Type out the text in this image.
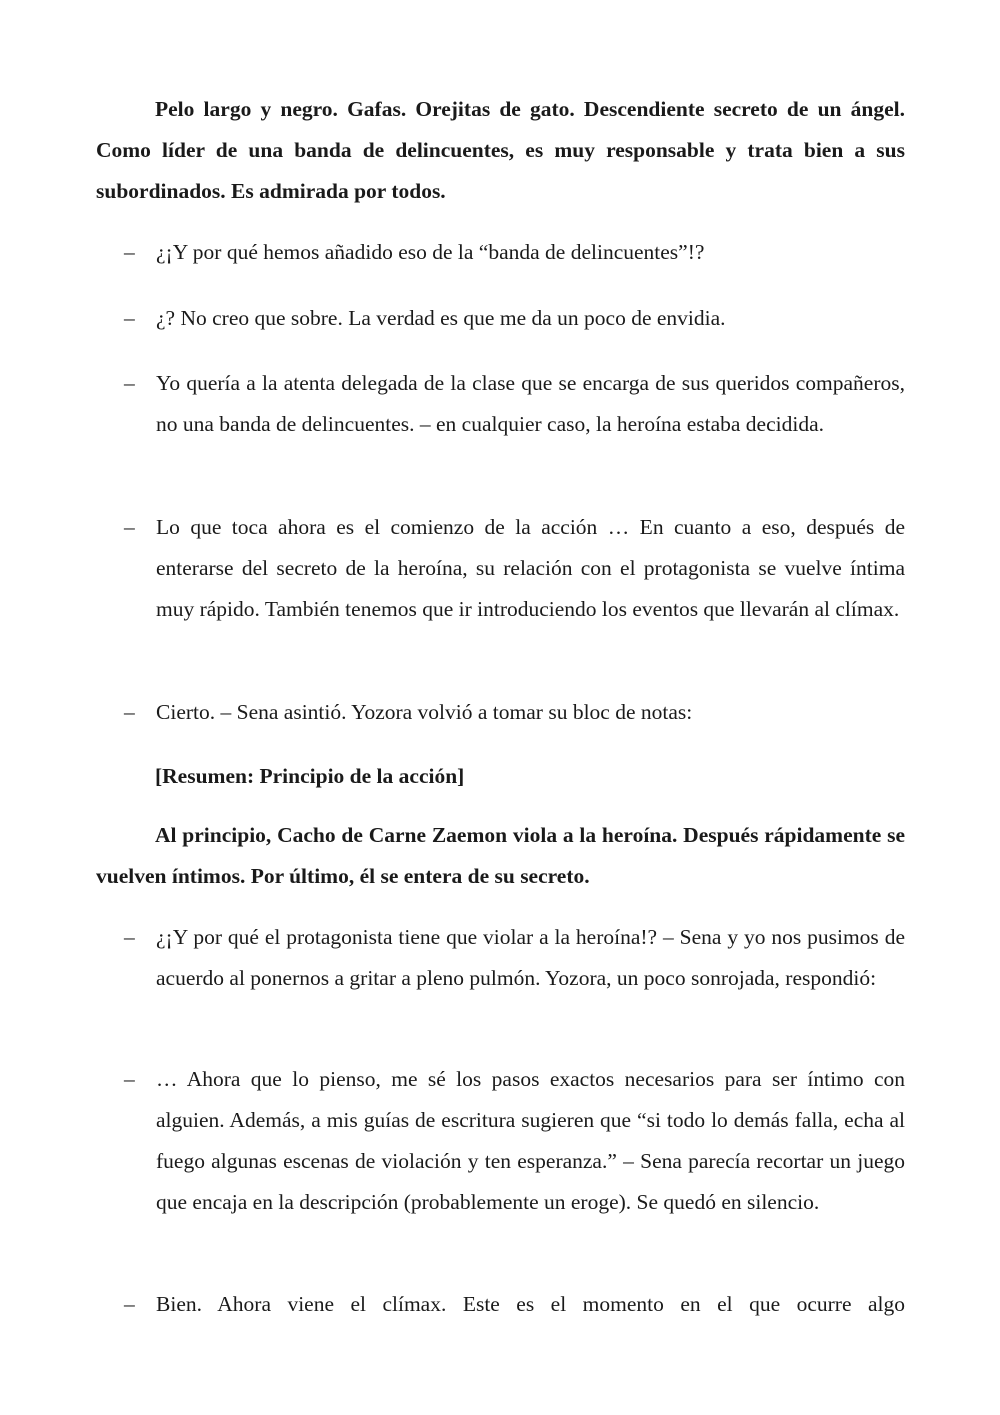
Pelo largo y negro. Gafas. Orejitas de gato. Descendiente secreto de un ángel. Como líder de una banda de delincuentes, es muy responsable y trata bien a sus subordinados. Es admirada por todos.

– ¿¡Y por qué hemos añadido eso de la “banda de delincuentes”!?

– ¿? No creo que sobre. La verdad es que me da un poco de envidia.

– Yo quería a la atenta delegada de la clase que se encarga de sus queridos compañeros, no una banda de delincuentes. – en cualquier caso, la heroína estaba decidida.

– Lo que toca ahora es el comienzo de la acción … En cuanto a eso, después de enterarse del secreto de la heroína, su relación con el protagonista se vuelve íntima muy rápido. También tenemos que ir introduciendo los eventos que llevarán al clímax.

– Cierto. – Sena asintió. Yozora volvió a tomar su bloc de notas:

[Resumen: Principio de la acción]

Al principio, Cacho de Carne Zaemon viola a la heroína. Después rápidamente se vuelven íntimos. Por último, él se entera de su secreto.

– ¿¡Y por qué el protagonista tiene que violar a la heroína!? – Sena y yo nos pusimos de acuerdo al ponernos a gritar a pleno pulmón. Yozora, un poco sonrojada, respondió:

– … Ahora que lo pienso, me sé los pasos exactos necesarios para ser íntimo con alguien. Además, a mis guías de escritura sugieren que “si todo lo demás falla, echa al fuego algunas escenas de violación y ten esperanza.” – Sena parecía recortar un juego que encaja en la descripción (probablemente un eroge). Se quedó en silencio.

– Bien. Ahora viene el clímax. Este es el momento en el que ocurre algo
